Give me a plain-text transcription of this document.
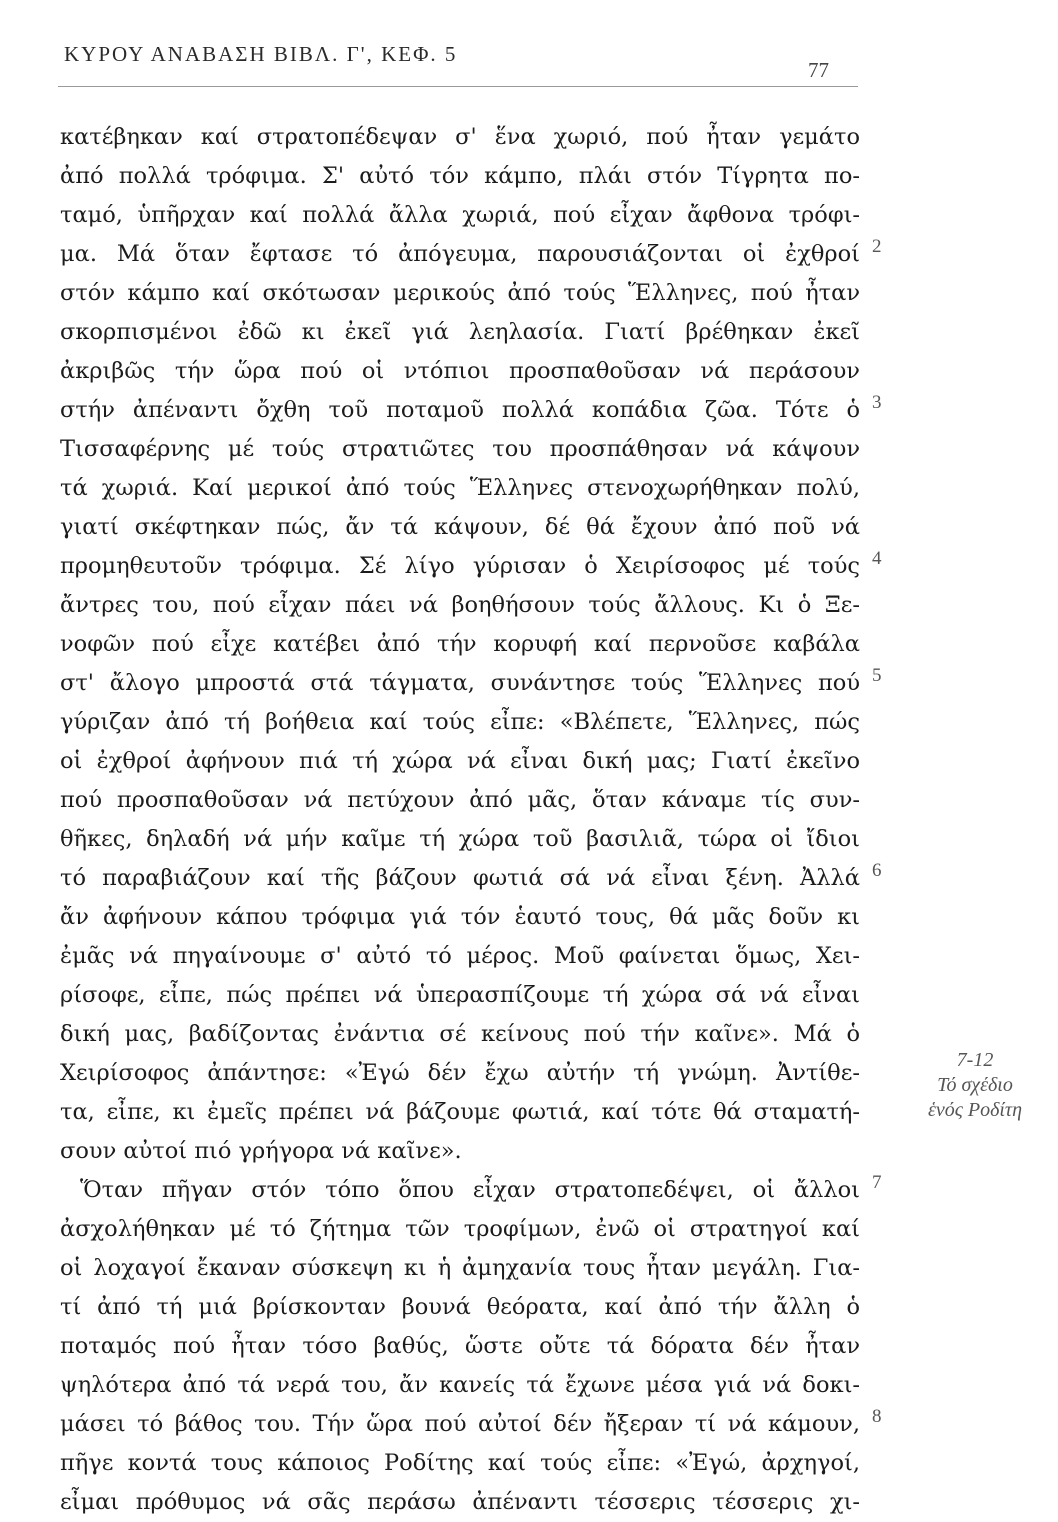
ΚΥΡΟΥ ΑΝΑΒΑΣΗ ΒΙΒΛ. Γ', ΚΕΦ. 5
77
κατέβηκαν καί στρατοπέδεψαν σ' ἕνα χωριό, πού ἦταν γεμάτο
ἀπό πολλά τρόφιμα. Σ' αὐτό τόν κάμπο, πλάι στόν Τίγρητα πο-
ταμό, ὑπῆρχαν καί πολλά ἄλλα χωριά, πού εἶχαν ἄφθονα τρόφι-
μα. Μά ὅταν ἔφτασε τό ἀπόγευμα, παρουσιάζονται οἱ ἐχθροί
στόν κάμπο καί σκότωσαν μερικούς ἀπό τούς Ἕλληνες, πού ἦταν
σκορπισμένοι ἐδῶ κι ἐκεῖ γιά λεηλασία. Γιατί βρέθηκαν ἐκεῖ
ἀκριβῶς τήν ὥρα πού οἱ ντόπιοι προσπαθοῦσαν νά περάσουν
στήν ἀπέναντι ὄχθη τοῦ ποταμοῦ πολλά κοπάδια ζῶα. Τότε ὁ
Τισσαφέρνης μέ τούς στρατιῶτες του προσπάθησαν νά κάψουν
τά χωριά. Καί μερικοί ἀπό τούς Ἕλληνες στενοχωρήθηκαν πολύ,
γιατί σκέφτηκαν πώς, ἄν τά κάψουν, δέ θά ἔχουν ἀπό ποῦ νά
προμηθευτοῦν τρόφιμα. Σέ λίγο γύρισαν ὁ Χειρίσοφος μέ τούς
ἄντρες του, πού εἶχαν πάει νά βοηθήσουν τούς ἄλλους. Κι ὁ Ξε-
νοφῶν πού εἶχε κατέβει ἀπό τήν κορυφή καί περνοῦσε καβάλα
στ' ἄλογο μπροστά στά τάγματα, συνάντησε τούς Ἕλληνες πού
γύριζαν ἀπό τή βοήθεια καί τούς εἶπε: «Βλέπετε, Ἕλληνες, πώς
οἱ ἐχθροί ἀφήνουν πιά τή χώρα νά εἶναι δική μας; Γιατί ἐκεῖνο
πού προσπαθοῦσαν νά πετύχουν ἀπό μᾶς, ὅταν κάναμε τίς συν-
θῆκες, δηλαδή νά μήν καῖμε τή χώρα τοῦ βασιλιᾶ, τώρα οἱ ἴδιοι
τό παραβιάζουν καί τῆς βάζουν φωτιά σά νά εἶναι ξένη. Ἀλλά
ἄν ἀφήνουν κάπου τρόφιμα γιά τόν ἑαυτό τους, θά μᾶς δοῦν κι
ἐμᾶς νά πηγαίνουμε σ' αὐτό τό μέρος. Μοῦ φαίνεται ὅμως, Χει-
ρίσοφε, εἶπε, πώς πρέπει νά ὑπερασπίζουμε τή χώρα σά νά εἶναι
δική μας, βαδίζοντας ἐνάντια σέ κείνους πού τήν καῖνε». Μά ὁ
Χειρίσοφος ἀπάντησε: «Ἐγώ δέν ἔχω αὐτήν τή γνώμη. Ἀντίθε-
τα, εἶπε, κι ἐμεῖς πρέπει νά βάζουμε φωτιά, καί τότε θά σταματή-
σουν αὐτοί πιό γρήγορα νά καῖνε».
Ὅταν πῆγαν στόν τόπο ὅπου εἶχαν στρατοπεδέψει, οἱ ἄλλοι
ἀσχολήθηκαν μέ τό ζήτημα τῶν τροφίμων, ἐνῶ οἱ στρατηγοί καί
οἱ λοχαγοί ἔκαναν σύσκεψη κι ἡ ἀμηχανία τους ἦταν μεγάλη. Για-
τί ἀπό τή μιά βρίσκονταν βουνά θεόρατα, καί ἀπό τήν ἄλλη ὁ
ποταμός πού ἦταν τόσο βαθύς, ὥστε οὔτε τά δόρατα δέν ἦταν
ψηλότερα ἀπό τά νερά του, ἄν κανείς τά ἔχωνε μέσα γιά νά δοκι-
μάσει τό βάθος του. Τήν ὥρα πού αὐτοί δέν ἤξεραν τί νά κάμουν,
πῆγε κοντά τους κάποιος Ροδίτης καί τούς εἶπε: «Ἐγώ, ἀρχηγοί,
εἶμαι πρόθυμος νά σᾶς περάσω ἀπέναντι τέσσερις τέσσερις χι-
2
3
4
5
6
7
8
7-12
Τό σχέδιο
ἑνός Ροδίτη
